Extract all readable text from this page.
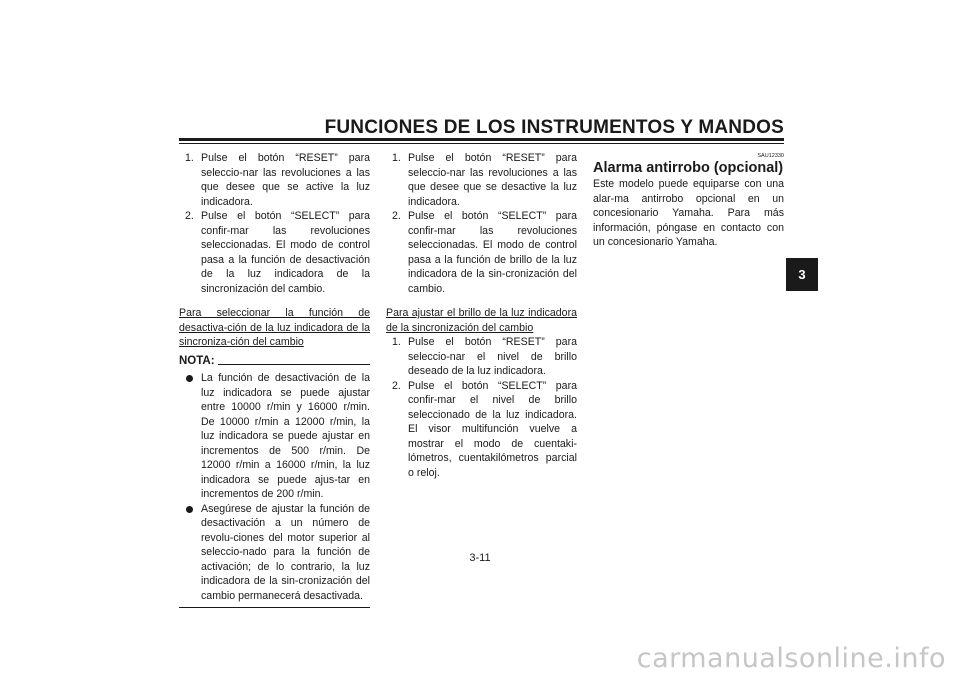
FUNCIONES DE LOS INSTRUMENTOS Y MANDOS
1. Pulse el botón “RESET” para seleccio-nar las revoluciones a las que desee que se active la luz indicadora.
2. Pulse el botón “SELECT” para confir-mar las revoluciones seleccionadas. El modo de control pasa a la función de desactivación de la luz indicadora de la sincronización del cambio.
Para seleccionar la función de desactiva-ción de la luz indicadora de la sincroniza-ción del cambio
NOTA:
La función de desactivación de la luz indicadora se puede ajustar entre 10000 r/min y 16000 r/min. De 10000 r/min a 12000 r/min, la luz indicadora se puede ajustar en incrementos de 500 r/min. De 12000 r/min a 16000 r/min, la luz indicadora se puede ajus-tar en incrementos de 200 r/min.
Asegúrese de ajustar la función de desactivación a un número de revolu-ciones del motor superior al seleccio-nado para la función de activación; de lo contrario, la luz indicadora de la sin-cronización del cambio permanecerá desactivada.
1. Pulse el botón “RESET” para seleccio-nar las revoluciones a las que desee que se desactive la luz indicadora.
2. Pulse el botón “SELECT” para confir-mar las revoluciones seleccionadas. El modo de control pasa a la función de brillo de la luz indicadora de la sin-cronización del cambio.
Para ajustar el brillo de la luz indicadora de la sincronización del cambio
1. Pulse el botón “RESET” para seleccio-nar el nivel de brillo deseado de la luz indicadora.
2. Pulse el botón “SELECT” para confir-mar el nivel de brillo seleccionado de la luz indicadora. El visor multifunción vuelve a mostrar el modo de cuentaki-lómetros, cuentakilómetros parcial o reloj.
SAU12330
Alarma antirrobo (opcional)
Este modelo puede equiparse con una alar-ma antirrobo opcional en un concesionario Yamaha. Para más información, póngase en contacto con un concesionario Yamaha.
3-11
3
carmanualsonline.info
